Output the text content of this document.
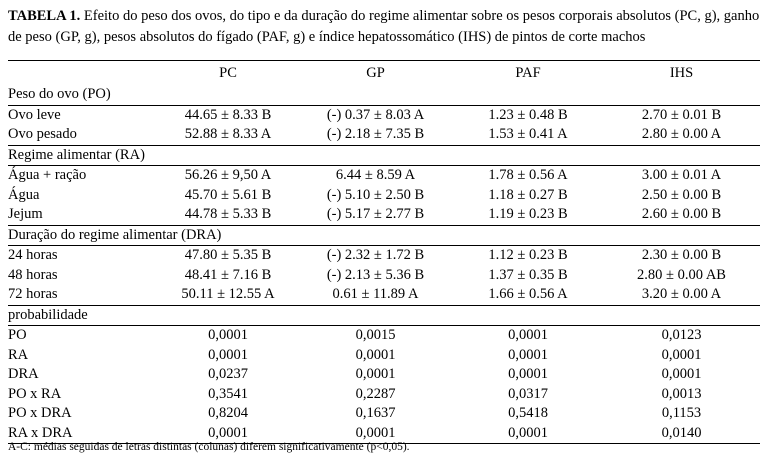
TABELA 1. Efeito do peso dos ovos, do tipo e da duração do regime alimentar sobre os pesos corporais absolutos (PC, g), ganho de peso (GP, g), pesos absolutos do fígado (PAF, g) e índice hepatossomático (IHS) de pintos de corte machos
	PC	GP	PAF	IHS
Peso do ovo (PO)				
Ovo leve	44.65 ± 8.33 B	(-) 0.37 ± 8.03 A	1.23 ± 0.48 B	2.70 ± 0.01 B
Ovo pesado	52.88 ± 8.33 A	(-) 2.18 ± 7.35 B	1.53 ± 0.41 A	2.80 ± 0.00 A
Regime alimentar (RA)				
Água + ração	56.26 ± 9,50 A	6.44 ± 8.59 A	1.78 ± 0.56 A	3.00 ± 0.01 A
Água	45.70 ± 5.61 B	(-) 5.10 ± 2.50 B	1.18 ± 0.27 B	2.50 ± 0.00 B
Jejum	44.78 ± 5.33 B	(-) 5.17 ± 2.77 B	1.19 ± 0.23 B	2.60 ± 0.00 B
Duração do regime alimentar (DRA)				
24 horas	47.80 ± 5.35 B	(-) 2.32 ± 1.72 B	1.12 ± 0.23 B	2.30 ± 0.00 B
48 horas	48.41 ± 7.16 B	(-) 2.13 ± 5.36 B	1.37 ± 0.35 B	2.80 ± 0.00 AB
72 horas	50.11 ± 12.55 A	0.61 ± 11.89 A	1.66 ± 0.56 A	3.20 ± 0.00 A
probabilidade				
PO	0,0001	0,0015	0,0001	0,0123
RA	0,0001	0,0001	0,0001	0,0001
DRA	0,0237	0,0001	0,0001	0,0001
PO x RA	0,3541	0,2287	0,0317	0,0013
PO x DRA	0,8204	0,1637	0,5418	0,1153
RA x DRA	0,0001	0,0001	0,0001	0,0140
A-C: médias seguidas de letras distintas (colunas) diferem significativamente (p<0,05).
